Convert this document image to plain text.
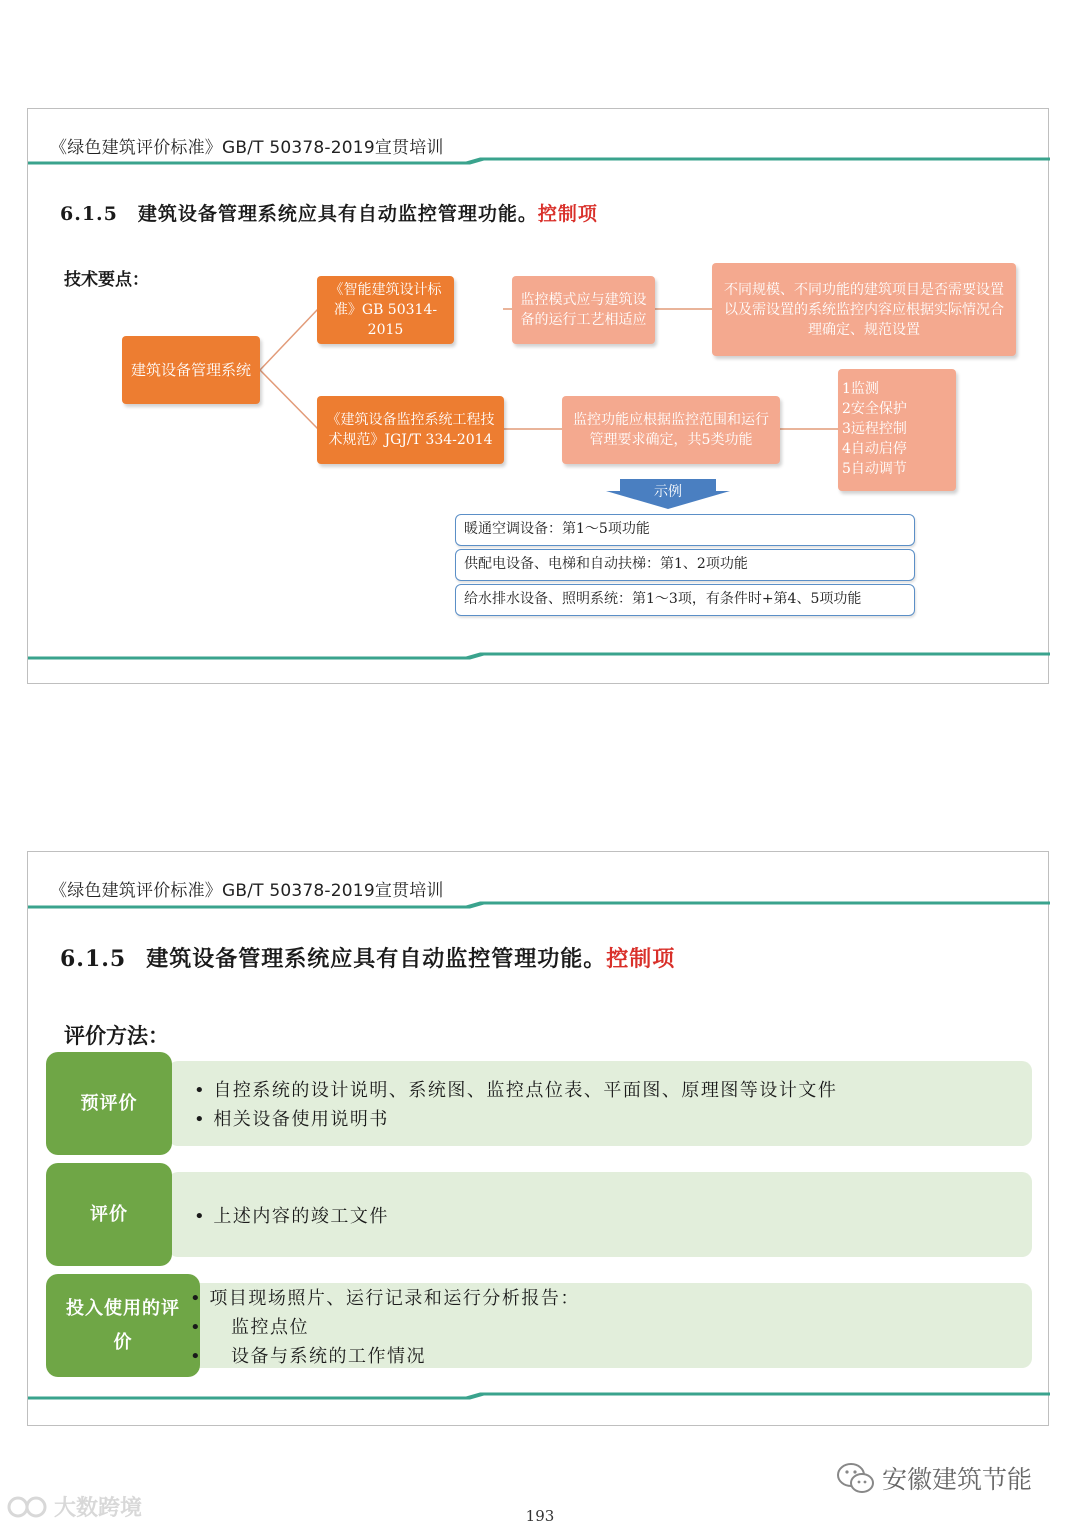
《绿色建筑评价标准》GB/T 50378-2019宣贯培训
6.1.5 建筑设备管理系统应具有自动监控管理功能。控制项
技术要点：
建筑设备管理系统
《智能建筑设计标准》GB 50314-2015
监控模式应与建筑设备的运行工艺相适应
不同规模、不同功能的建筑项目是否需要设置以及需设置的系统监控内容应根据实际情况合理确定、规范设置
《建筑设备监控系统工程技术规范》JGJ/T 334-2014
监控功能应根据监控范围和运行管理要求确定，共5类功能
1监测
2安全保护
3远程控制
4自动启停
5自动调节
示例
暖通空调设备：第1～5项功能
供配电设备、电梯和自动扶梯：第1、2项功能
给水排水设备、照明系统：第1～3项，有条件时+第4、5项功能
《绿色建筑评价标准》GB/T 50378-2019宣贯培训
6.1.5 建筑设备管理系统应具有自动监控管理功能。控制项
评价方法：
预评价
• 自控系统的设计说明、系统图、监控点位表、平面图、原理图等设计文件
• 相关设备使用说明书
评价	• 上述内容的竣工文件
投入使用的评价
• 项目现场照片、运行记录和运行分析报告：
•    监控点位
•    设备与系统的工作情况
安徽建筑节能
大数跨境	193
